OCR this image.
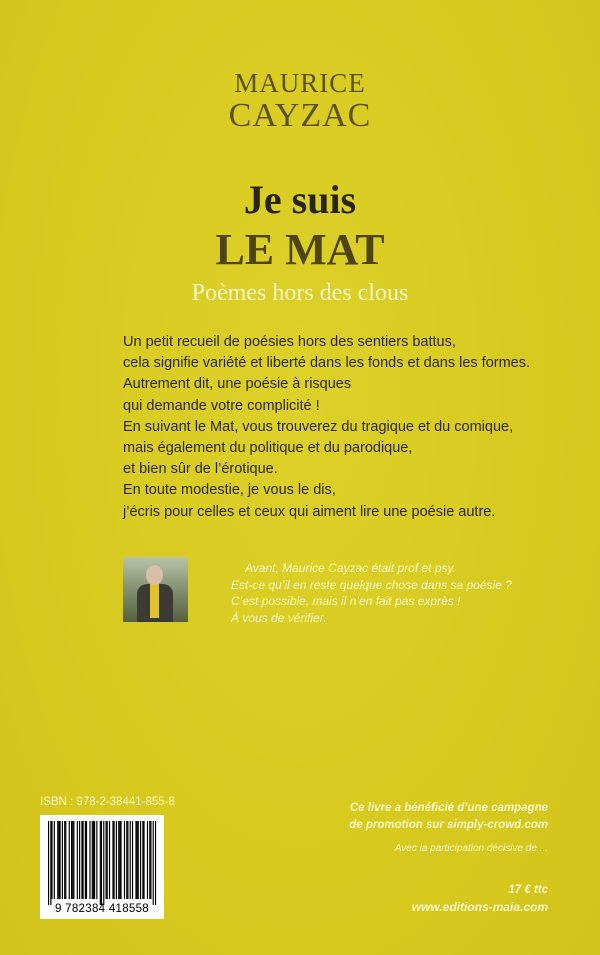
MAURICE
CAYZAC
Je suis
LE MAT
Poèmes hors des clous
Un petit recueil de poésies hors des sentiers battus,
cela signifie variété et liberté dans les fonds et dans les formes.
Autrement dit, une poésie à risques
qui demande votre complicité !
En suivant le Mat, vous trouverez du tragique et du comique,
mais également du politique et du parodique,
et bien sûr de l’érotique.
En toute modestie, je vous le dis,
j’écris pour celles et ceux qui aiment lire une poésie autre.
Avant, Maurice Cayzac était prof et psy.
Est-ce qu’il en reste quelque chose dans sa poésie ?
C’est possible, mais il n’en fait pas exprès !
À vous de vérifier.
ISBN : 978-2-38441-855-8
9 782384 418558
Ce livre a bénéficié d’une campagne
de promotion sur simply-crowd.com
Avec la participation décisive de ...
17 € ttc
www.editions-maia.com
